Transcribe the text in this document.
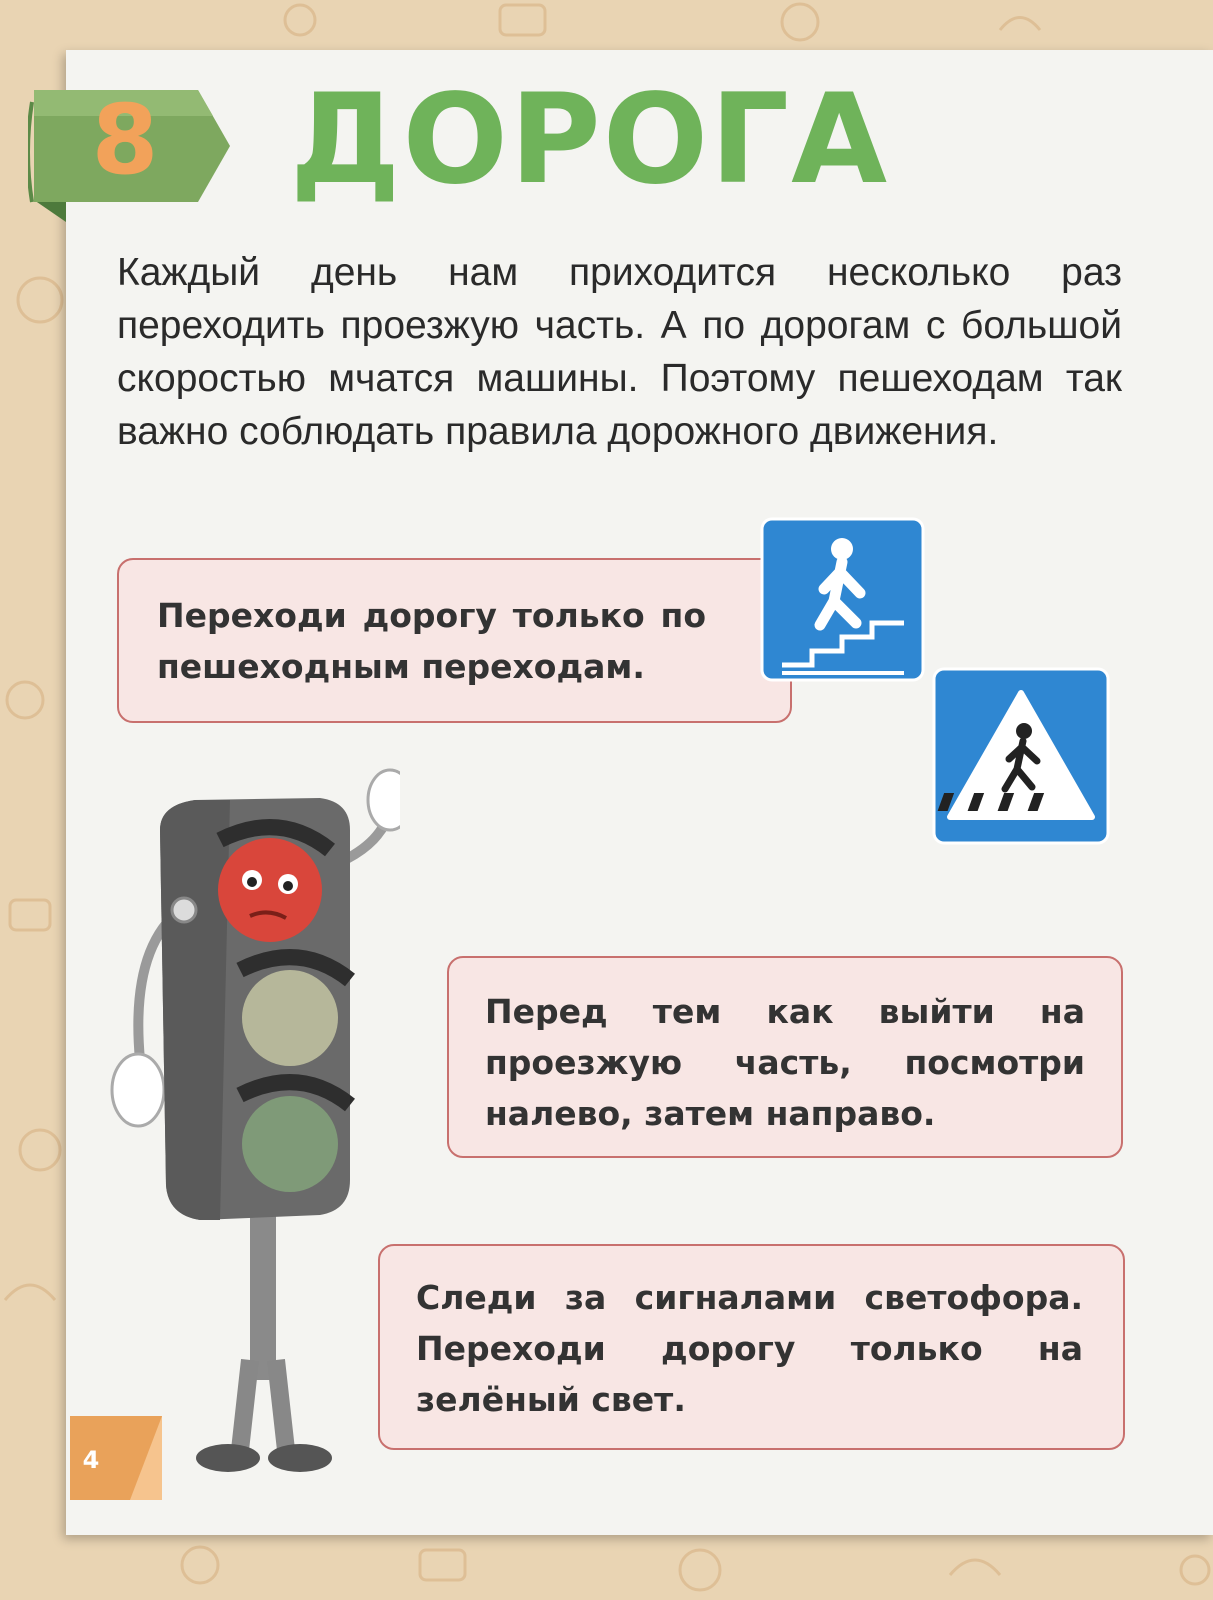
8 ДОРОГА

Каждый день нам приходится несколько раз переходить проезжую часть. А по дорогам с большой скоростью мчатся машины. Поэтому пешеходам так важно соблюдать правила дорожного движения.

Переходи дорогу только по пешеходным переходам.

Перед тем как выйти на проезжую часть, посмотри налево, затем направо.

Следи за сигналами светофора. Переходи дорогу только на зелёный свет.

4
